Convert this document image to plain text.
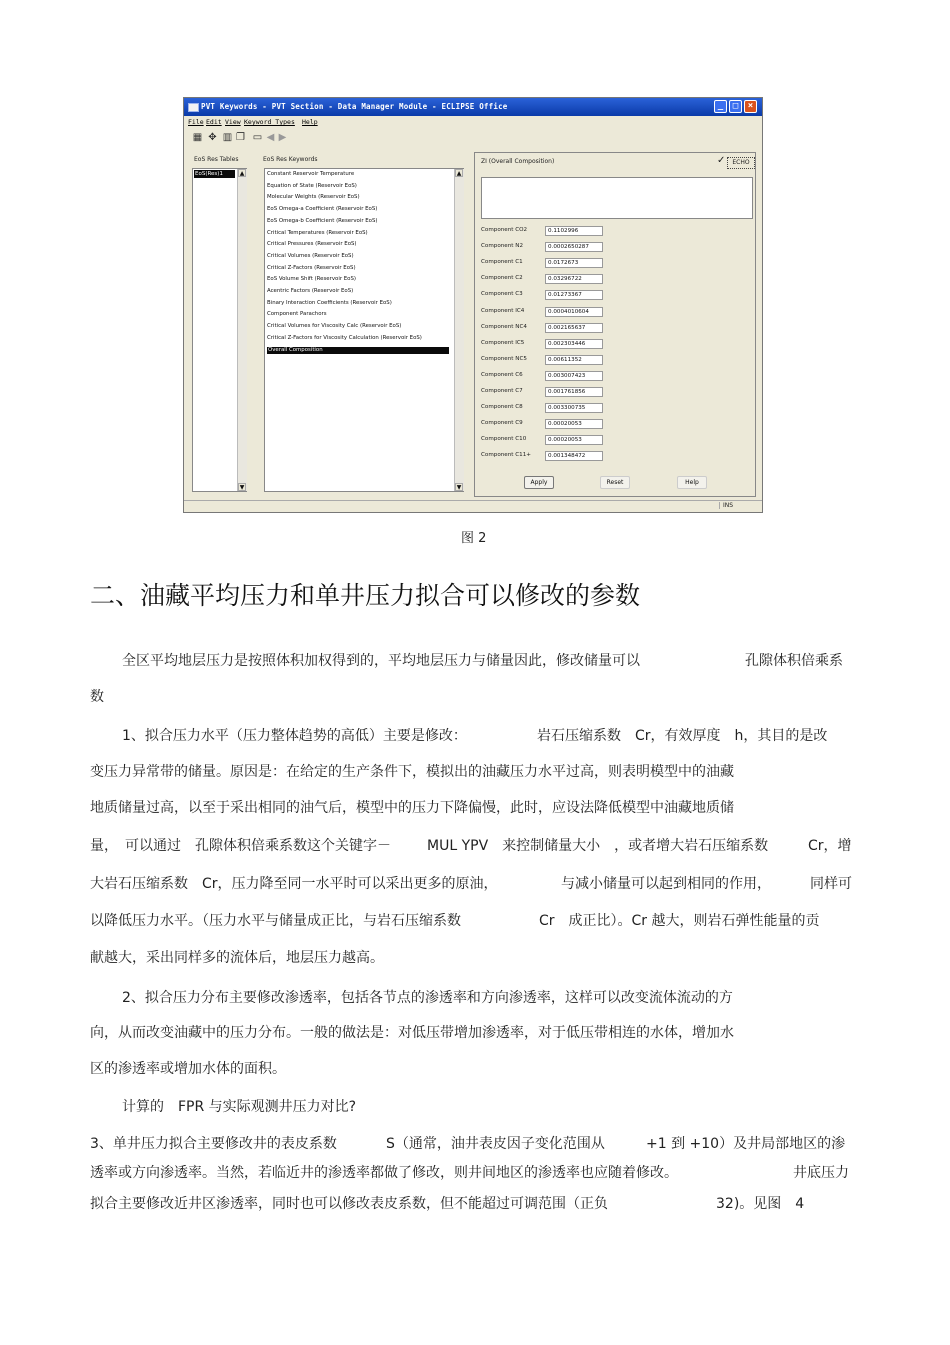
PVT Keywords - PVT Section - Data Manager Module - ECLIPSE Office	_	□	×
File Edit View Keyword Types Help
▦ ✥ ▥ ❐ ▭ ◀ ▶
EoS Res Tables
EoS(Res)1	▲
▼
EoS Res Keywords
Constant Reservoir Temperature
Equation of State (Reservoir EoS)
Molecular Weights (Reservoir EoS)
EoS Omega-a Coefficient (Reservoir EoS)
EoS Omega-b Coefficient (Reservoir EoS)
Critical Temperatures (Reservoir EoS)
Critical Pressures (Reservoir EoS)
Critical Volumes (Reservoir EoS)
Critical Z-Factors (Reservoir EoS)
EoS Volume Shift (Reservoir EoS)
Acentric Factors (Reservoir EoS)
Binary Interaction Coefficients (Reservoir EoS)
Component Parachors
Critical Volumes for Viscosity Calc (Reservoir EoS)
Critical Z-Factors for Viscosity Calculation (Reservoir EoS)
Overall Composition
▲
▼
ZI (Overall Composition)	✓	ECHO
Component CO2	0.1102996
Component N2	0.0002650287
Component C1	0.0172673
Component C2	0.03296722
Component C3	0.01273367
Component IC4	0.0004010604
Component NC4	0.002165637
Component IC5	0.002303446
Component NC5	0.00611352
Component C6	0.003007423
Component C7	0.001761856
Component C8	0.003300735
Component C9	0.00020053
Component C10	0.00020053
Component C11+	0.001348472
Apply	Reset	Help
INS
图 2
二、油藏平均压力和单井压力拟合可以修改的参数
全区平均地层压力是按照体积加权得到的，平均地层压力与储量因此，修改储量可以	孔隙体积倍乘系
数
1、拟合压力水平（压力整体趋势的高低）主要是修改：	岩石压缩系数　Cr，有效厚度　h，其目的是改
变压力异常带的储量。原因是：在给定的生产条件下，模拟出的油藏压力水平过高，则表明模型中的油藏
地质储量过高，以至于采出相同的油气后，模型中的压力下降偏慢，此时，应设法降低模型中油藏地质储
量，　可以通过　孔隙体积倍乘系数这个关键字－	MUL YPV　来控制储量大小　，或者增大岩石压缩系数	Cr，增
大岩石压缩系数　Cr，压力降至同一水平时可以采出更多的原油，	与减小储量可以起到相同的作用，	同样可
以降低压力水平。（压力水平与储量成正比，与岩石压缩系数	Cr　成正比）。Cr 越大，则岩石弹性能量的贡
献越大，采出同样多的流体后，地层压力越高。
2、拟合压力分布主要修改渗透率，包括各节点的渗透率和方向渗透率，这样可以改变流体流动的方
向，从而改变油藏中的压力分布。一般的做法是：对低压带增加渗透率，对于低压带相连的水体，增加水
区的渗透率或增加水体的面积。
计算的　FPR 与实际观测井压力对比?
3、单井压力拟合主要修改井的表皮系数	S（通常，油井表皮因子变化范围从	+1 到 +10）及井局部地区的渗
透率或方向渗透率。当然，若临近井的渗透率都做了修改，则井间地区的渗透率也应随着修改。	井底压力
拟合主要修改近井区渗透率，同时也可以修改表皮系数，但不能超过可调范围（正负	32)。见图　4
